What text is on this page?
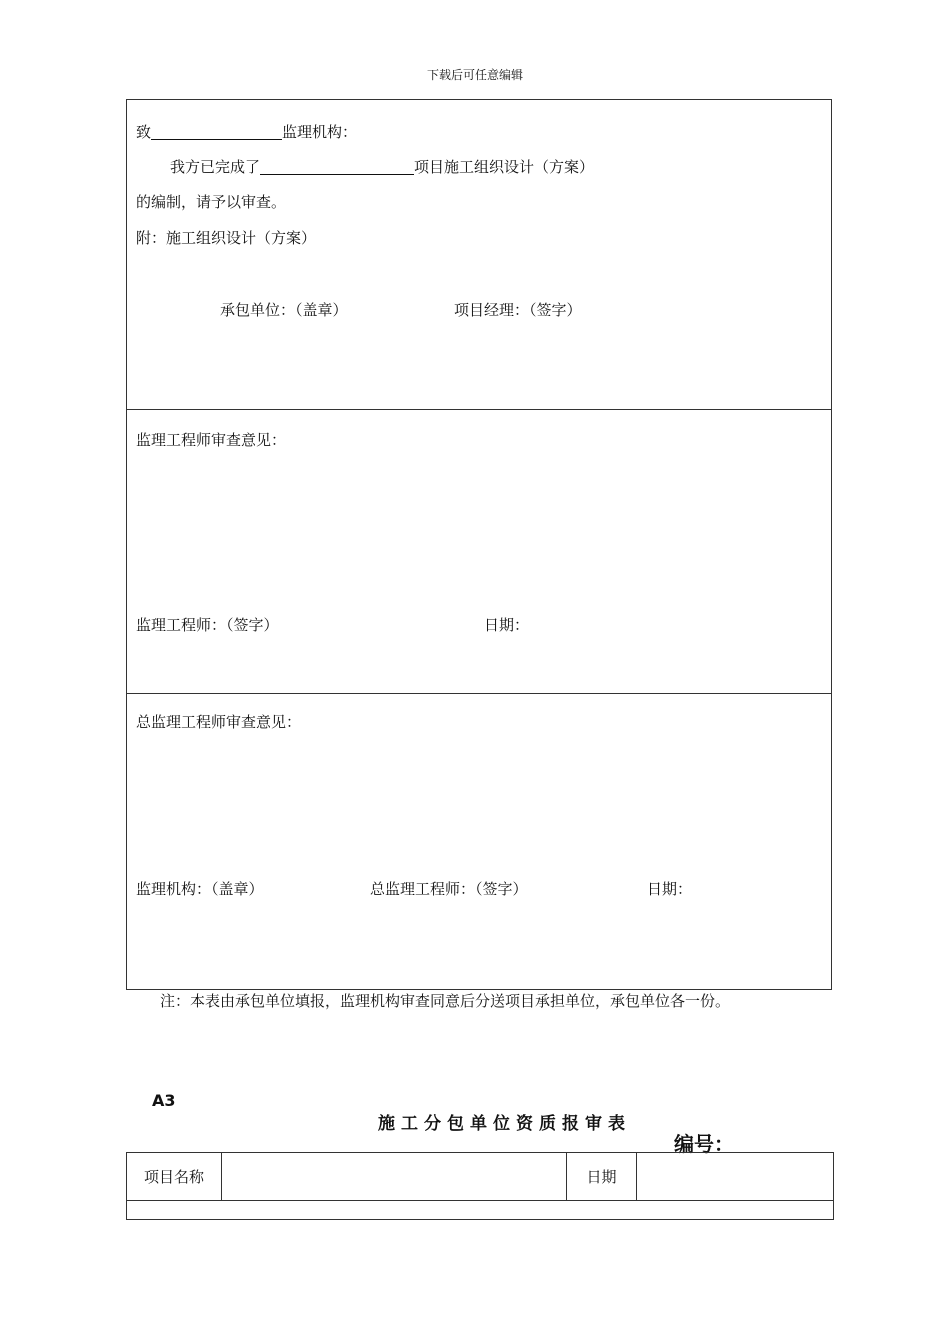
下载后可任意编辑
致	监理机构：
我方已完成了	项目施工组织设计（方案）
的编制，请予以审查。
附：施工组织设计（方案）
承包单位：（盖章）	项目经理：（签字）
监理工程师审查意见：
监理工程师：（签字）	日期：
总监理工程师审查意见：
监理机构：（盖章）	总监理工程师：（签字）	日期：
注：本表由承包单位填报，监理机构审查同意后分送项目承担单位，承包单位各一份。
A3
施工分包单位资质报审表
编号：
项目名称		日期	
